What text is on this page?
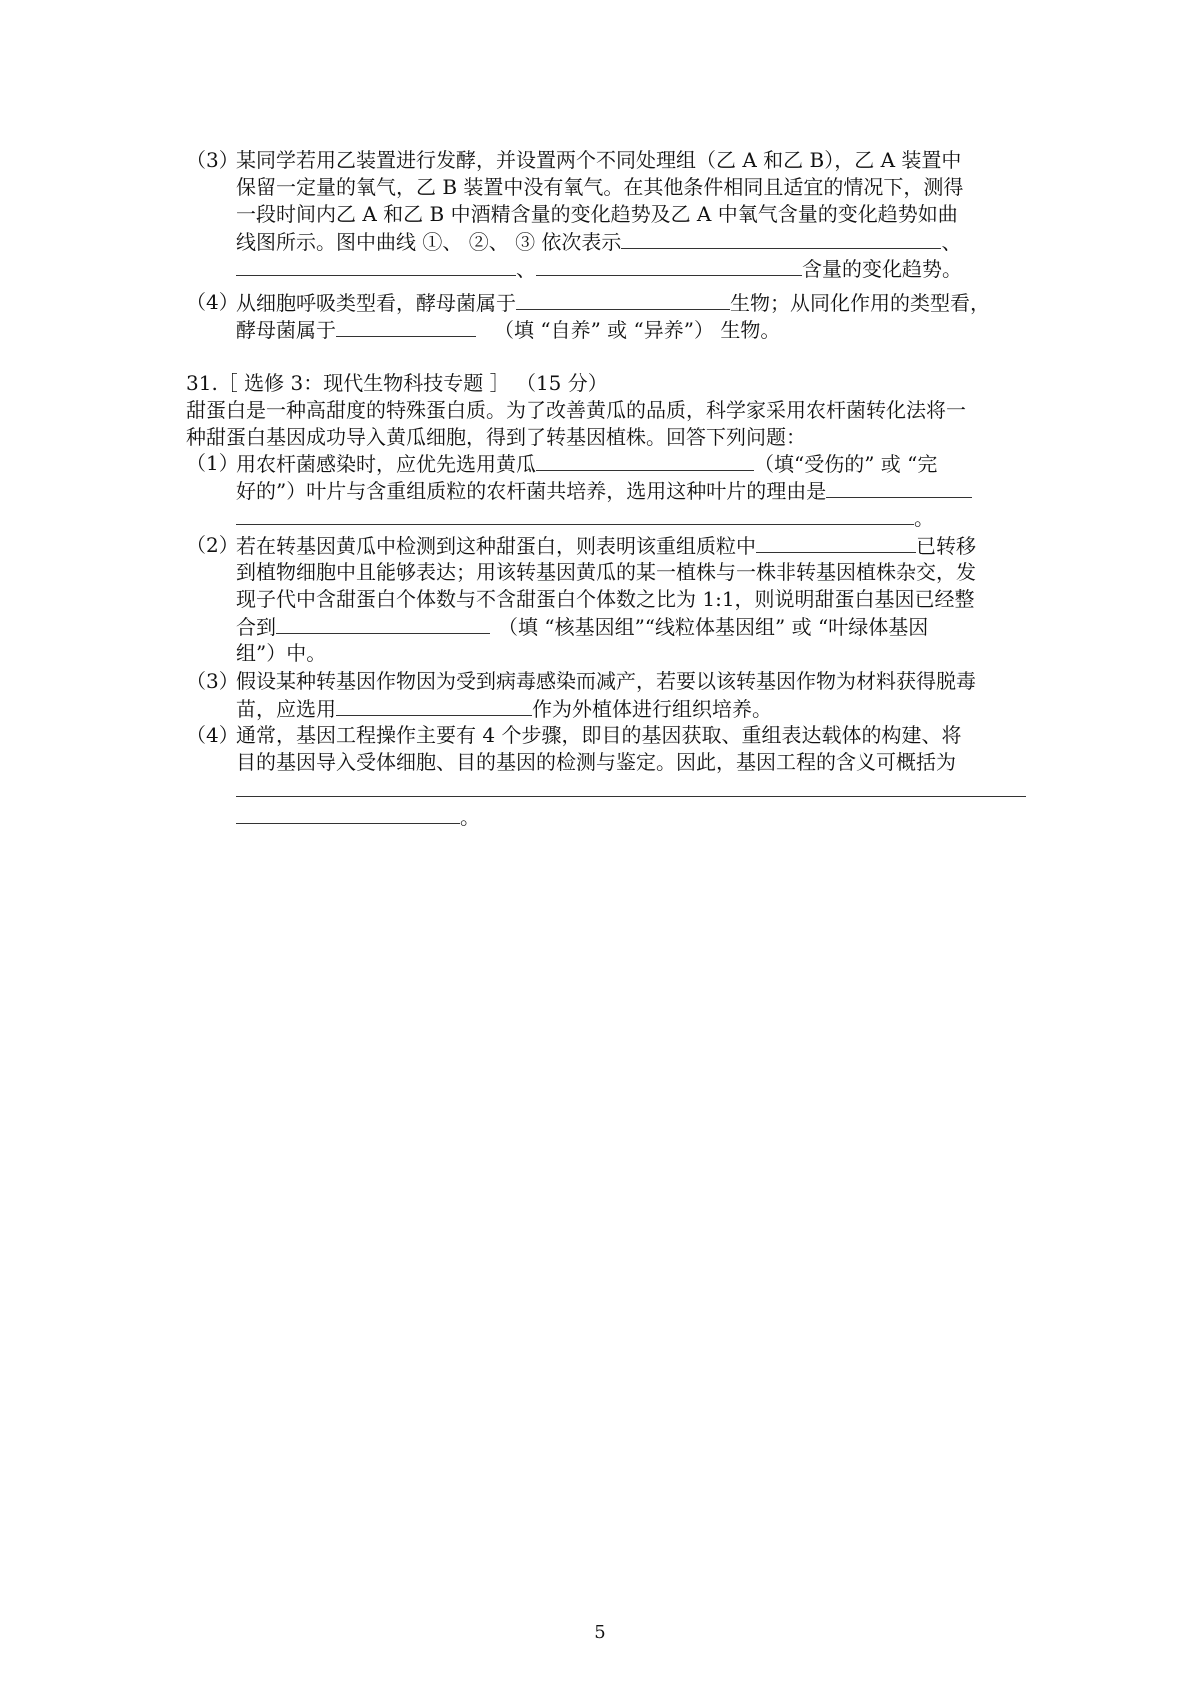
（3）
某同学若用乙装置进行发酵，并设置两个不同处理组（乙 A 和乙 B），乙 A 装置中
保留一定量的氧气，乙 B 装置中没有氧气。在其他条件相同且适宜的情况下，测得
一段时间内乙 A 和乙 B 中酒精含量的变化趋势及乙 A 中氧气含量的变化趋势如曲
线图所示。图中曲线 ①、 ②、 ③ 依次表示	、
、	含量的变化趋势。
（4）
从细胞呼吸类型看，酵母菌属于	生物；从同化作用的类型看，
酵母菌属于	（填 “自养” 或 “异养”） 生物。
31.［ 选修 3：现代生物科技专题 ］ （15 分）
甜蛋白是一种高甜度的特殊蛋白质。为了改善黄瓜的品质，科学家采用农杆菌转化法将一
种甜蛋白基因成功导入黄瓜细胞，得到了转基因植株。回答下列问题：
（1）
用农杆菌感染时，应优先选用黄瓜	（填“受伤的” 或 “完
好的”）叶片与含重组质粒的农杆菌共培养，选用这种叶片的理由是
。
（2）
若在转基因黄瓜中检测到这种甜蛋白，则表明该重组质粒中	已转移
到植物细胞中且能够表达；用该转基因黄瓜的某一植株与一株非转基因植株杂交，发
现子代中含甜蛋白个体数与不含甜蛋白个体数之比为 1:1，则说明甜蛋白基因已经整
合到	（填 “核基因组”“线粒体基因组” 或 “叶绿体基因
组”）中。
（3）
假设某种转基因作物因为受到病毒感染而减产，若要以该转基因作物为材料获得脱毒
苗，应选用	作为外植体进行组织培养。
（4）
通常，基因工程操作主要有 4 个步骤，即目的基因获取、重组表达载体的构建、将
目的基因导入受体细胞、目的基因的检测与鉴定。因此，基因工程的含义可概括为
。
5
